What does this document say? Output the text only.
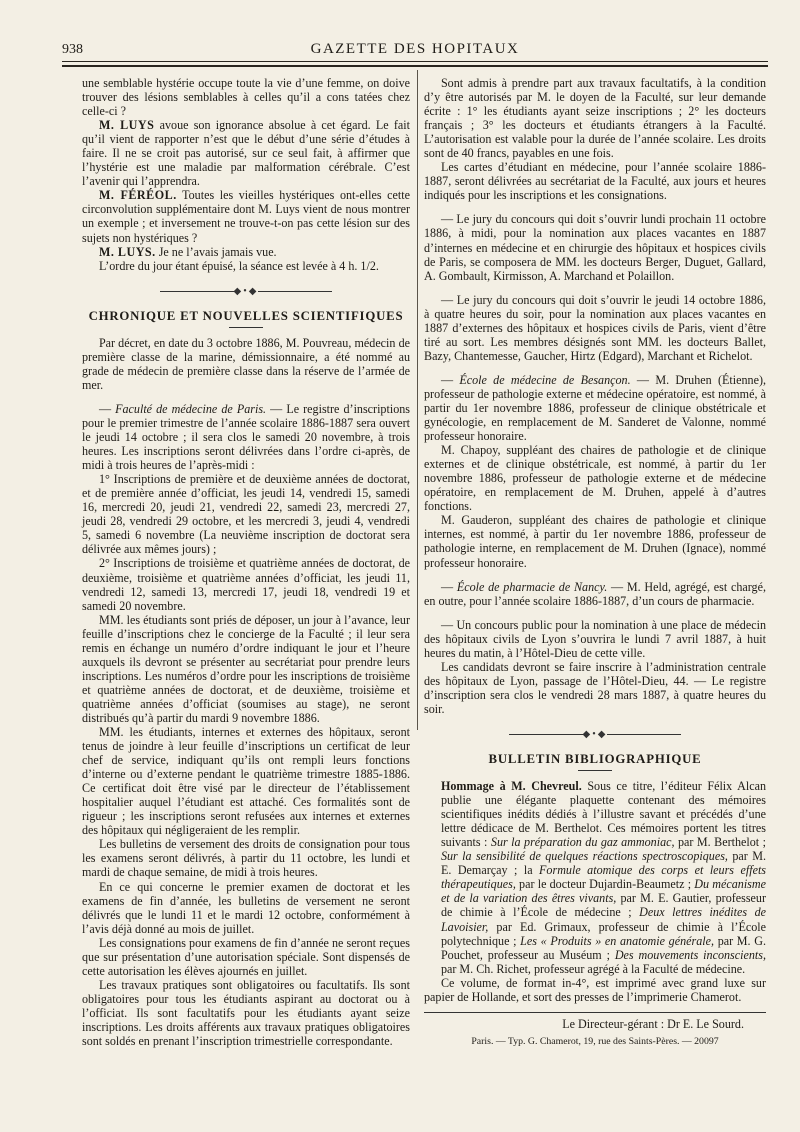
938	GAZETTE DES HOPITAUX

une semblable hystérie occupe toute la vie d’une femme, on doive trouver des lésions semblables à celles qu’il a cons tatées chez celle-ci ?

M. LUYS avoue son ignorance absolue à cet égard. Le fait qu’il vient de rapporter n’est que le début d’une série d’études à faire. Il ne se croit pas autorisé, sur ce seul fait, à affirmer que l’hystérie est une maladie par malformation cérébrale. C’est l’avenir qui l’apprendra.

M. FÉRÉOL. Toutes les vieilles hystériques ont-elles cette circonvolution supplémentaire dont M. Luys vient de nous montrer un exemple ; et inversement ne trouve-t-on pas cette lésion sur des sujets non hystériques ?

M. LUYS. Je ne l’avais jamais vue.

L’ordre du jour étant épuisé, la séance est levée à 4 h. 1/2.

◆•◆
CHRONIQUE ET NOUVELLES SCIENTIFIQUES

Par décret, en date du 3 octobre 1886, M. Pouvreau, médecin de première classe de la marine, démissionnaire, a été nommé au grade de médecin de première classe dans la réserve de l’armée de mer.

— Faculté de médecine de Paris. — Le registre d’inscriptions pour le premier trimestre de l’année scolaire 1886-1887 sera ouvert le jeudi 14 octobre ; il sera clos le samedi 20 novembre, à trois heures. Les inscriptions seront délivrées dans l’ordre ci-après, de midi à trois heures de l’après-midi :

1° Inscriptions de première et de deuxième années de doctorat, et de première année d’officiat, les jeudi 14, vendredi 15, samedi 16, mercredi 20, jeudi 21, vendredi 22, samedi 23, mercredi 27, jeudi 28, vendredi 29 octobre, et les mercredi 3, jeudi 4, vendredi 5, samedi 6 novembre (La neuvième inscription de doctorat sera délivrée aux mêmes jours) ;

2° Inscriptions de troisième et quatrième années de doctorat, de deuxième, troisième et quatrième années d’officiat, les jeudi 11, vendredi 12, samedi 13, mercredi 17, jeudi 18, vendredi 19 et samedi 20 novembre.

MM. les étudiants sont priés de déposer, un jour à l’avance, leur feuille d’inscriptions chez le concierge de la Faculté ; il leur sera remis en échange un numéro d’ordre indiquant le jour et l’heure auxquels ils devront se présenter au secrétariat pour prendre leurs inscriptions. Les numéros d’ordre pour les inscriptions de troisième et quatrième années de doctorat, et de deuxième, troisième et quatrième années d’officiat (soumises au stage), ne seront distribués qu’à partir du mardi 9 novembre 1886.

MM. les étudiants, internes et externes des hôpitaux, seront tenus de joindre à leur feuille d’inscriptions un certificat de leur chef de service, indiquant qu’ils ont rempli leurs fonctions d’interne ou d’externe pendant le quatrième trimestre 1885-1886. Ce certificat doit être visé par le directeur de l’établissement hospitalier auquel l’étudiant est attaché. Ces formalités sont de rigueur ; les inscriptions seront refusées aux internes et externes des hôpitaux qui négligeraient de les remplir.

Les bulletins de versement des droits de consignation pour tous les examens seront délivrés, à partir du 11 octobre, les lundi et mardi de chaque semaine, de midi à trois heures.

En ce qui concerne le premier examen de doctorat et les examens de fin d’année, les bulletins de versement ne seront délivrés que le lundi 11 et le mardi 12 octobre, conformément à l’avis déjà donné au mois de juillet.

Les consignations pour examens de fin d’année ne seront reçues que sur présentation d’une autorisation spéciale. Sont dispensés de cette autorisation les élèves ajournés en juillet.

Les travaux pratiques sont obligatoires ou facultatifs. Ils sont obligatoires pour tous les étudiants aspirant au doctorat ou à l’officiat. Ils sont facultatifs pour les étudiants ayant seize inscriptions. Les droits afférents aux travaux pratiques obligatoires sont soldés en prenant l’inscription trimestrielle correspondante.

Sont admis à prendre part aux travaux facultatifs, à la condition d’y être autorisés par M. le doyen de la Faculté, sur leur demande écrite : 1° les étudiants ayant seize inscriptions ; 2° les docteurs français ; 3° les docteurs et étudiants étrangers à la Faculté. L’autorisation est valable pour la durée de l’année scolaire. Les droits sont de 40 francs, payables en une fois.

Les cartes d’étudiant en médecine, pour l’année scolaire 1886-1887, seront délivrées au secrétariat de la Faculté, aux jours et heures indiqués pour les inscriptions et les consignations.

— Le jury du concours qui doit s’ouvrir lundi prochain 11 octobre 1886, à midi, pour la nomination aux places vacantes en 1887 d’internes en médecine et en chirurgie des hôpitaux et hospices civils de Paris, se composera de MM. les docteurs Berger, Duguet, Gallard, A. Gombault, Kirmisson, A. Marchand et Polaillon.

— Le jury du concours qui doit s’ouvrir le jeudi 14 octobre 1886, à quatre heures du soir, pour la nomination aux places vacantes en 1887 d’externes des hôpitaux et hospices civils de Paris, vient d’être tiré au sort. Les membres désignés sont MM. les docteurs Ballet, Bazy, Chantemesse, Gaucher, Hirtz (Edgard), Marchant et Richelot.

— École de médecine de Besançon. — M. Druhen (Étienne), professeur de pathologie externe et médecine opératoire, est nommé, à partir du 1er novembre 1886, professeur de clinique obstétricale et gynécologie, en remplacement de M. Sanderet de Valonne, nommé professeur honoraire.

M. Chapoy, suppléant des chaires de pathologie et de clinique externes et de clinique obstétricale, est nommé, à partir du 1er novembre 1886, professeur de pathologie externe et de médecine opératoire, en remplacement de M. Druhen, appelé à d’autres fonctions.

M. Gauderon, suppléant des chaires de pathologie et clinique internes, est nommé, à partir du 1er novembre 1886, professeur de pathologie interne, en remplacement de M. Druhen (Ignace), nommé professeur honoraire.

— École de pharmacie de Nancy. — M. Held, agrégé, est chargé, en outre, pour l’année scolaire 1886-1887, d’un cours de pharmacie.

— Un concours public pour la nomination à une place de médecin des hôpitaux civils de Lyon s’ouvrira le lundi 7 avril 1887, à huit heures du matin, à l’Hôtel-Dieu de cette ville.

Les candidats devront se faire inscrire à l’administration centrale des hôpitaux de Lyon, passage de l’Hôtel-Dieu, 44. — Le registre d’inscription sera clos le vendredi 28 mars 1887, à quatre heures du soir.

◆•◆
BULLETIN BIBLIOGRAPHIQUE

Hommage à M. Chevreul. Sous ce titre, l’éditeur Félix Alcan publie une élégante plaquette contenant des mémoires scientifiques inédits dédiés à l’illustre savant et précédés d’une lettre dédicace de M. Berthelot. Ces mémoires portent les titres suivants : Sur la préparation du gaz ammoniac, par M. Berthelot ; Sur la sensibilité de quelques réactions spectroscopiques, par M. E. Demarçay ; la Formule atomique des corps et leurs effets thérapeutiques, par le docteur Dujardin-Beaumetz ; Du mécanisme et de la variation des êtres vivants, par M. E. Gautier, professeur de chimie à l’École de médecine ; Deux lettres inédites de Lavoisier, par Ed. Grimaux, professeur de chimie à l’École polytechnique ; Les « Produits » en anatomie générale, par M. G. Pouchet, professeur au Muséum ; Des mouvements inconscients, par M. Ch. Richet, professeur agrégé à la Faculté de médecine.

Ce volume, de format in-4°, est imprimé avec grand luxe sur papier de Hollande, et sort des presses de l’imprimerie Chamerot.

Le Directeur-gérant : Dr E. Le Sourd.
Paris. — Typ. G. Chamerot, 19, rue des Saints-Pères. — 20097
